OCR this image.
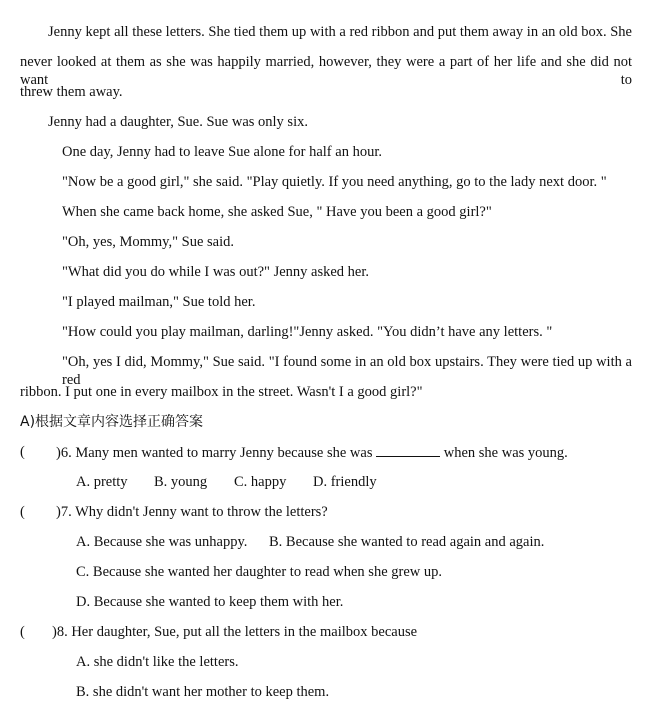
Jenny kept all these letters. She tied them up with a red ribbon and put them away in an old box. She
never looked at them as she was happily married, however, they were a part of her life and she did not want to
threw them away.
Jenny had a daughter, Sue. Sue was only six.
One day, Jenny had to leave Sue alone for half an hour.
"Now be a good girl," she said. "Play quietly. If you need anything, go to the lady next door. "
When she came back home, she asked Sue, " Have you been a good girl?"
"Oh, yes, Mommy," Sue said.
"What did you do while I was out?" Jenny asked her.
"I played mailman," Sue told her.
"How could you play mailman, darling!"Jenny asked. "You didn’t have any letters. "
"Oh, yes I did, Mommy," Sue said. "I found some in an old box upstairs. They were tied up with a red
ribbon. I put one in every mailbox in the street. Wasn't I a good girl?"
A)根据文章内容选择正确答案
( )6. Many men wanted to marry Jenny because she was	when she was young.
A. pretty B. young C. happy D. friendly
( )7. Why didn't Jenny want to throw the letters?
A. Because she was unhappy. B. Because she wanted to read again and again.
C. Because she wanted her daughter to read when she grew up.
D. Because she wanted to keep them with her.
( )8. Her daughter, Sue, put all the letters in the mailbox because
A. she didn't like the letters.
B. she didn't want her mother to keep them.
